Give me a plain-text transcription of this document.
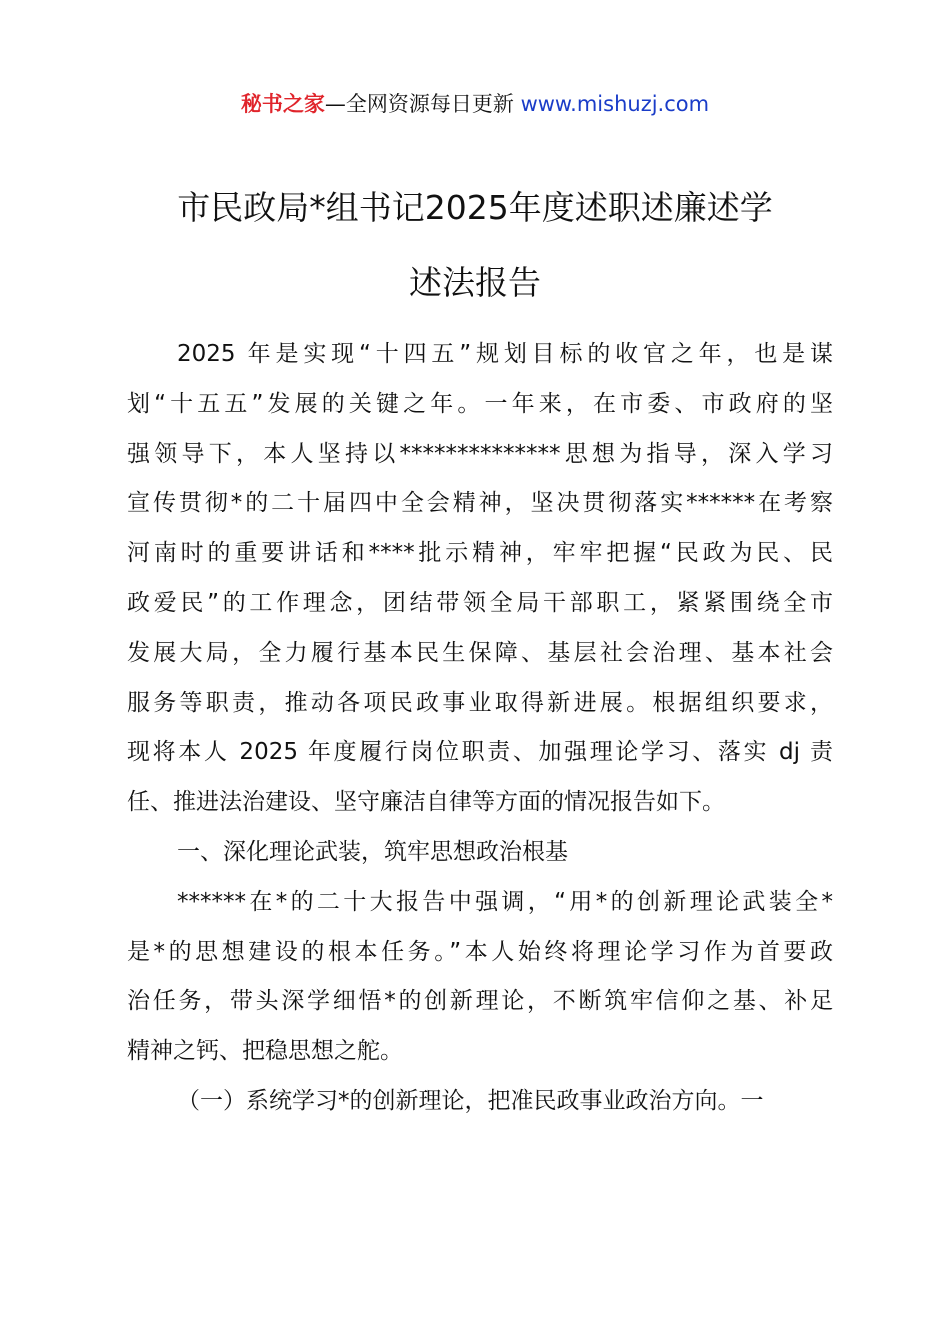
秘书之家—全网资源每日更新 www.mishuzj.com
市民政局*组书记2025年度述职述廉述学
述法报告
2025 年是实现“十四五”规划目标的收官之年，也是谋
划“十五五”发展的关键之年。一年来，在市委、市政府的坚
强领导下，本人坚持以**************思想为指导，深入学习
宣传贯彻*的二十届四中全会精神，坚决贯彻落实******在考察
河南时的重要讲话和****批示精神，牢牢把握“民政为民、民
政爱民”的工作理念，团结带领全局干部职工，紧紧围绕全市
发展大局，全力履行基本民生保障、基层社会治理、基本社会
服务等职责，推动各项民政事业取得新进展。根据组织要求，
现将本人 2025 年度履行岗位职责、加强理论学习、落实 dj 责
任、推进法治建设、坚守廉洁自律等方面的情况报告如下。
一、深化理论武装，筑牢思想政治根基
******在*的二十大报告中强调，“用*的创新理论武装全*
是*的思想建设的根本任务。”本人始终将理论学习作为首要政
治任务，带头深学细悟*的创新理论，不断筑牢信仰之基、补足
精神之钙、把稳思想之舵。
（一）系统学习*的创新理论，把准民政事业政治方向。一
